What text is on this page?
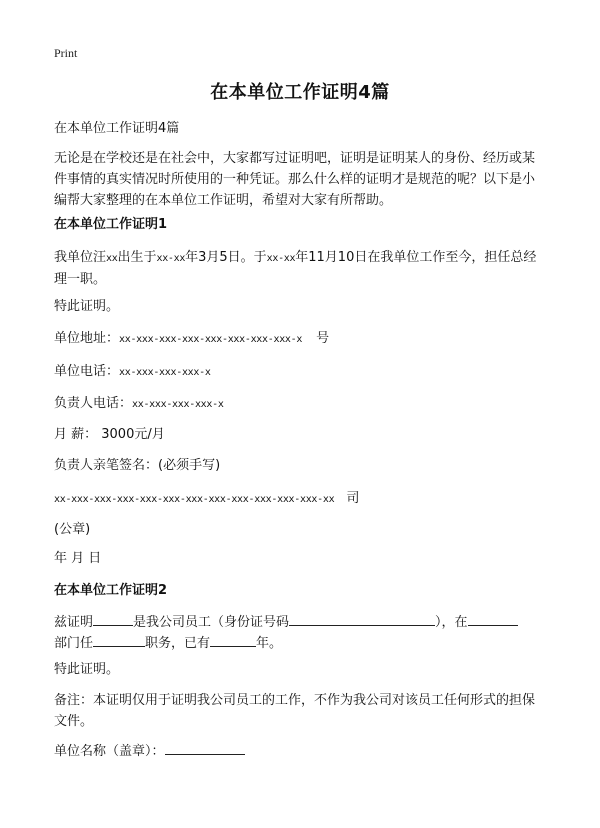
Print
在本单位工作证明4篇
在本单位工作证明4篇
无论是在学校还是在社会中，大家都写过证明吧，证明是证明某人的身份、经历或某件事情的真实情况时所使用的一种凭证。那么什么样的证明才是规范的呢？以下是小编帮大家整理的在本单位工作证明，希望对大家有所帮助。
在本单位工作证明1
我单位汪xx出生于xx-xx年3月5日。于xx-xx年11月10日在我单位工作至今，担任总经理一职。
特此证明。
单位地址：xx-xxx-xxx-xxx-xxx-xxx-xxx-xxx-x 号
单位电话：xx-xxx-xxx-xxx-x
负责人电话：xx-xxx-xxx-xxx-x
月 薪： 3000元/月
负责人亲笔签名：(必须手写)
xx-xxx-xxx-xxx-xxx-xxx-xxx-xxx-xxx-xxx-xxx-xxx-xx 司
(公章)
年 月 日
在本单位工作证明2
兹证明	是我公司员工（身份证号码	），在
部门任	职务，已有	年。
特此证明。
备注：本证明仅用于证明我公司员工的工作，不作为我公司对该员工任何形式的担保文件。
单位名称（盖章）：
